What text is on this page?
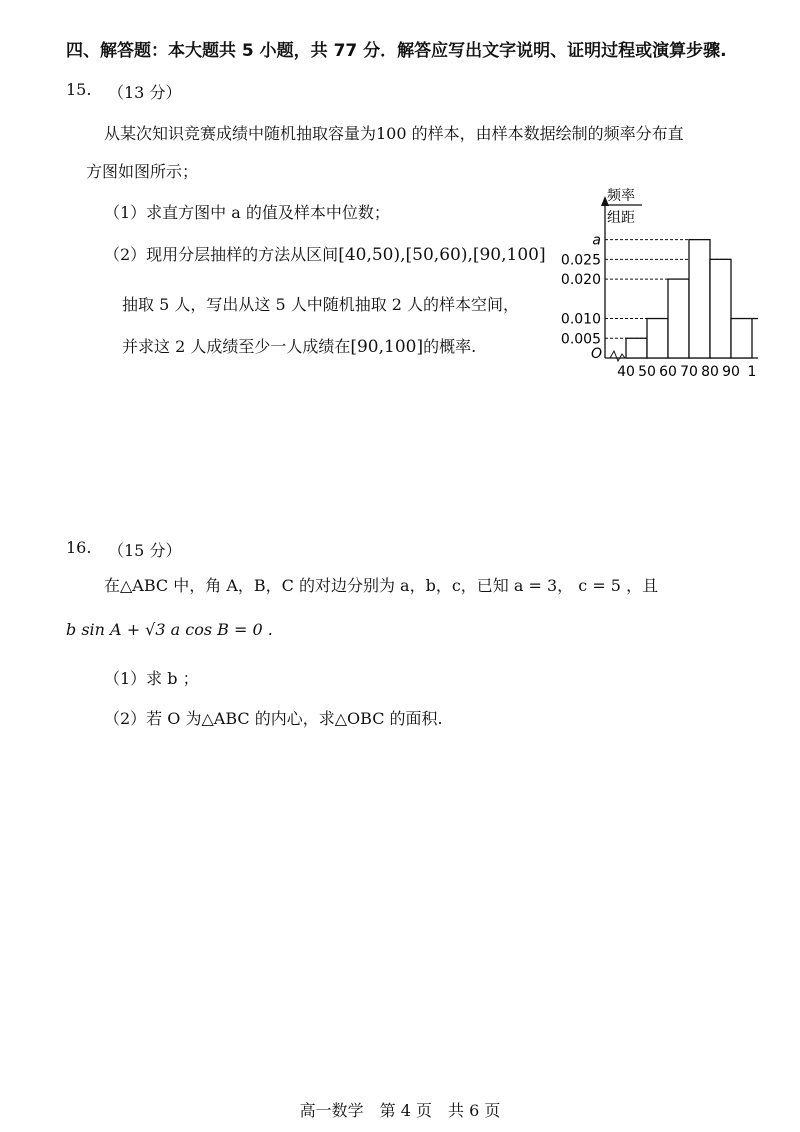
四、解答题：本大题共 5 小题，共 77 分．解答应写出文字说明、证明过程或演算步骤.
15. （13 分）
从某次知识竞赛成绩中随机抽取容量为100 的样本，由样本数据绘制的频率分布直
方图如图所示；
（1）求直方图中 a 的值及样本中位数；
（2）现用分层抽样的方法从区间[40,50),[50,60),[90,100]
抽取 5 人，写出从这 5 人中随机抽取 2 人的样本空间，
并求这 2 人成绩至少一人成绩在[90,100]的概率.
频率
组距
0.005
0.010
0.020
0.025
a
40 50 60 70 80 90 1
O
16. （15 分）
在△ABC 中，角 A，B，C 的对边分别为 a，b，c，已知 a = 3， c = 5 ，且
b sin A + √3 a cos B = 0 .
（1）求 b ；
（2）若 O 为△ABC 的内心，求△OBC 的面积.
高一数学　第 4 页　共 6 页
